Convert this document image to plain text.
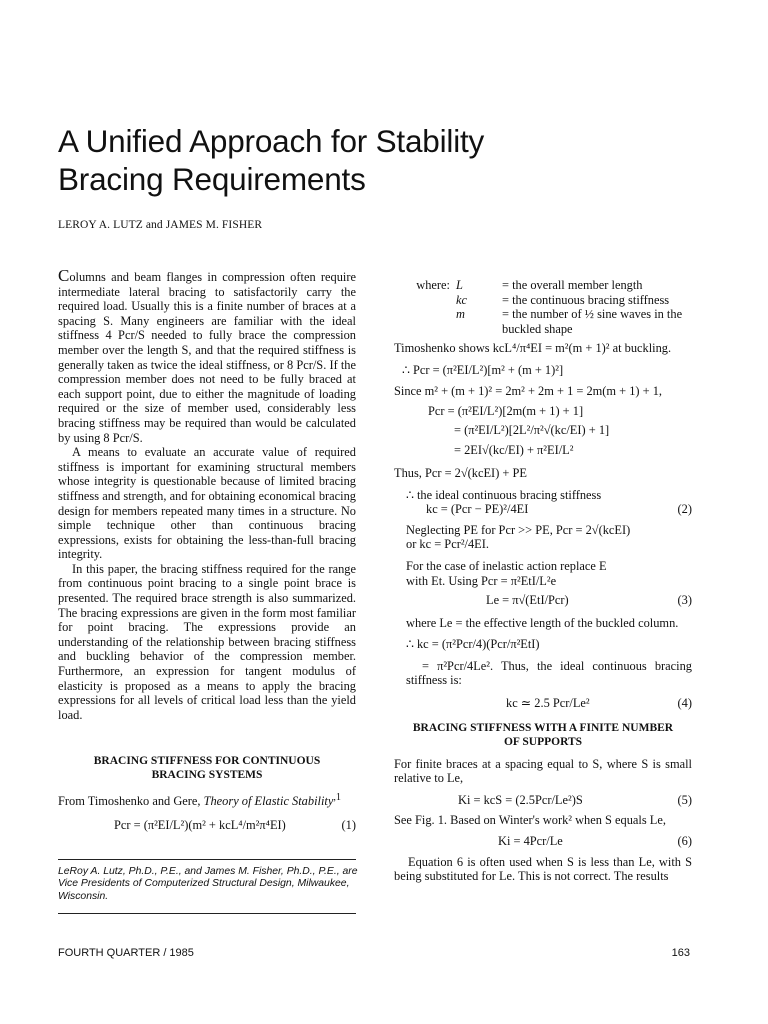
A Unified Approach for Stability
Bracing Requirements
LEROY A. LUTZ and JAMES M. FISHER

Columns and beam flanges in compression often require intermediate lateral bracing to satisfactorily carry the required load. Usually this is a finite number of braces at a spacing S. Many engineers are familiar with the ideal stiffness 4 Pcr/S needed to fully brace the compression member over the length S, and that the required stiffness is generally taken as twice the ideal stiffness, or 8 Pcr/S. If the compression member does not need to be fully braced at each support point, due to either the magnitude of loading required or the size of member used, considerably less bracing stiffness may be required than would be calculated by using 8 Pcr/S.

A means to evaluate an accurate value of required stiffness is important for examining structural members whose integrity is questionable because of limited bracing stiffness and strength, and for obtaining economical bracing design for members repeated many times in a structure. No simple technique other than continuous bracing expressions, exists for obtaining the less-than-full bracing integrity.

In this paper, the bracing stiffness required for the range from continuous point bracing to a single point brace is presented. The required brace strength is also summarized. The bracing expressions are given in the form most familiar for point bracing. The expressions provide an understanding of the relationship between bracing stiffness and buckling behavior of the compression member. Furthermore, an expression for tangent modulus of elasticity is proposed as a means to apply the bracing expressions for all levels of critical load less than the yield load.

BRACING STIFFNESS FOR CONTINUOUS
BRACING SYSTEMS

From Timoshenko and Gere, Theory of Elastic Stability$^{,1}$

Pcr = (π²EI/L²)(m² + kcL⁴/m²π⁴EI)	(1)
where: L	= the overall member length
kc	= the continuous bracing stiffness
m	= the number of ½ sine waves in the buckled shape

Timoshenko shows kcL⁴/π⁴EI = m²(m + 1)² at buckling.

∴ Pcr = (π²EI/L²)[m² + (m + 1)²]

Since m² + (m + 1)² = 2m² + 2m + 1 = 2m(m + 1) + 1,

Pcr = (π²EI/L²)[2m(m + 1) + 1]

= (π²EI/L²)[2L²/π²√(kc/EI) + 1]

= 2EI√(kc/EI) + π²EI/L²

Thus, Pcr = 2√(kcEI) + PE

∴ the ideal continuous bracing stiffness

kc = (Pcr − PE)²/4EI	(2)

Neglecting PE for Pcr >> PE, Pcr = 2√(kcEI)

or kc = Pcr²/4EI.

For the case of inelastic action replace E

with Et. Using Pcr = π²EtI/L²e

Le = π√(EtI/Pcr)	(3)

where Le = the effective length of the buckled column.

∴ kc = (π²Pcr/4)(Pcr/π²EtI)

= π²Pcr/4Le². Thus, the ideal continuous bracing stiffness is:

kc ≃ 2.5 Pcr/Le²	(4)

BRACING STIFFNESS WITH A FINITE NUMBER
OF SUPPORTS

For finite braces at a spacing equal to S, where S is small relative to Le,

Ki = kcS = (2.5Pcr/Le²)S	(5)

See Fig. 1. Based on Winter's work² when S equals Le,

Ki = 4Pcr/Le	(6)

Equation 6 is often used when S is less than Le, with S being substituted for Le. This is not correct. The results

LeRoy A. Lutz, Ph.D., P.E., and James M. Fisher, Ph.D., P.E., are Vice Presidents of Computerized Structural Design, Milwaukee, Wisconsin.
FOURTH QUARTER / 1985	163
